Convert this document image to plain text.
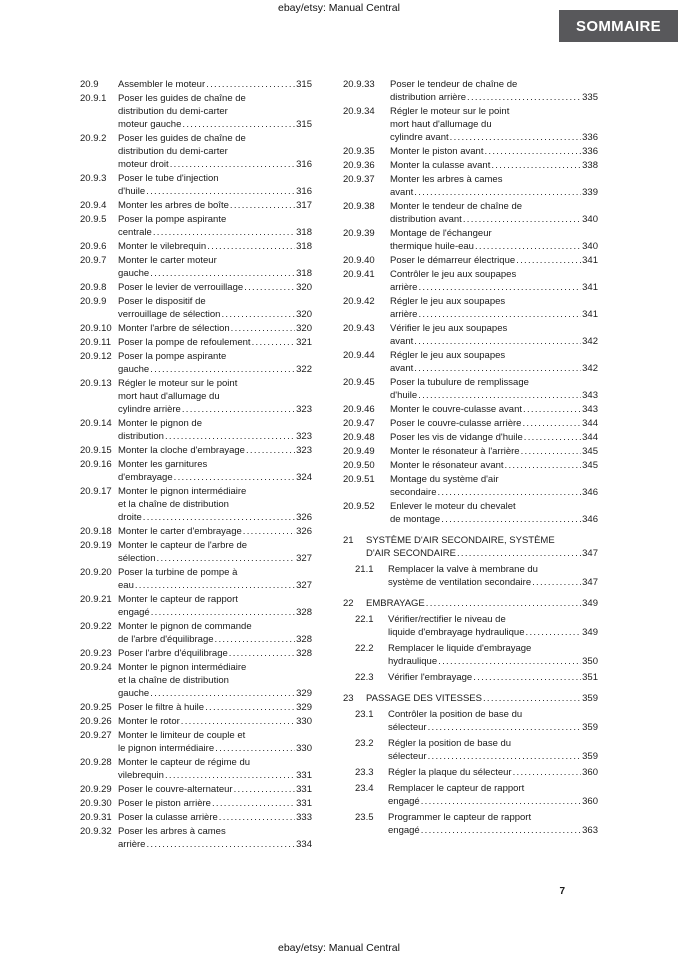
ebay/etsy: Manual Central
SOMMAIRE
20.9	Assembler le moteur .....	315
20.9.1	Poser les guides de chaîne de
distribution du demi-carter
moteur gauche .....	315
20.9.2	Poser les guides de chaîne de
distribution du demi-carter
moteur droit .....	316
20.9.3	Poser le tube d'injection
d'huile .....	316
20.9.4	Monter les arbres de boîte .....	317
20.9.5	Poser la pompe aspirante
centrale .....	318
20.9.6	Monter le vilebrequin .....	318
20.9.7	Monter le carter moteur
gauche .....	318
20.9.8	Poser le levier de verrouillage .....	320
20.9.9	Poser le dispositif de
verrouillage de sélection .....	320
20.9.10 Monter l'arbre de sélection .....	320
20.9.11 Poser la pompe de refoulement .....	321
20.9.12 Poser la pompe aspirante
gauche .....	322
20.9.13 Régler le moteur sur le point
mort haut d'allumage du
cylindre arrière .....	323
20.9.14 Monter le pignon de
distribution .....	323
20.9.15 Monter la cloche d'embrayage .....	323
20.9.16 Monter les garnitures
d'embrayage .....	324
20.9.17 Monter le pignon intermédiaire
et la chaîne de distribution
droite .....	326
20.9.18 Monter le carter d'embrayage .....	326
20.9.19 Monter le capteur de l'arbre de
sélection .....	327
20.9.20 Poser la turbine de pompe à
eau .....	327
20.9.21 Monter le capteur de rapport
engagé .....	328
20.9.22 Monter le pignon de commande
de l'arbre d'équilibrage .....	328
20.9.23 Poser l'arbre d'équilibrage .....	328
20.9.24 Monter le pignon intermédiaire
et la chaîne de distribution
gauche .....	329
20.9.25 Poser le filtre à huile .....	329
20.9.26 Monter le rotor .....	330
20.9.27 Monter le limiteur de couple et
le pignon intermédiaire .....	330
20.9.28 Monter le capteur de régime du
vilebrequin .....	331
20.9.29 Poser le couvre-alternateur .....	331
20.9.30 Poser le piston arrière .....	331
20.9.31 Poser la culasse arrière .....	333
20.9.32 Poser les arbres à cames
arrière .....	334
20.9.33	Poser le tendeur de chaîne de
distribution arrière .....	335
20.9.34	Régler le moteur sur le point
mort haut d'allumage du
cylindre avant .....	336
20.9.35	Monter le piston avant .....	336
20.9.36	Monter la culasse avant .....	338
20.9.37	Monter les arbres à cames
avant .....	339
20.9.38	Monter le tendeur de chaîne de
distribution avant .....	340
20.9.39	Montage de l'échangeur
thermique huile-eau .....	340
20.9.40	Poser le démarreur électrique .....	341
20.9.41	Contrôler le jeu aux soupapes
arrière .....	341
20.9.42	Régler le jeu aux soupapes
arrière .....	341
20.9.43	Vérifier le jeu aux soupapes
avant .....	342
20.9.44	Régler le jeu aux soupapes
avant .....	342
20.9.45	Poser la tubulure de remplissage
d'huile .....	343
20.9.46	Monter le couvre-culasse avant .....	343
20.9.47	Poser le couvre-culasse arrière .....	344
20.9.48	Poser les vis de vidange d'huile .....	344
20.9.49	Monter le résonateur à l'arrière .....	345
20.9.50	Monter le résonateur avant .....	345
20.9.51	Montage du système d'air
secondaire .....	346
20.9.52	Enlever le moteur du chevalet
de montage .....	346
21	SYSTÈME D'AIR SECONDAIRE, SYSTÈME
D'AIR SECONDAIRE .....	347
21.1	Remplacer la valve à membrane du
système de ventilation secondaire .....	347
22	EMBRAYAGE .....	349
22.1	Vérifier/rectifier le niveau de
liquide d'embrayage hydraulique .....	349
22.2	Remplacer le liquide d'embrayage
hydraulique .....	350
22.3	Vérifier l'embrayage .....	351
23	PASSAGE DES VITESSES .....	359
23.1	Contrôler la position de base du
sélecteur .....	359
23.2	Régler la position de base du
sélecteur .....	359
23.3	Régler la plaque du sélecteur .....	360
23.4	Remplacer le capteur de rapport
engagé .....	360
23.5	Programmer le capteur de rapport
engagé .....	363
7
ebay/etsy: Manual Central
